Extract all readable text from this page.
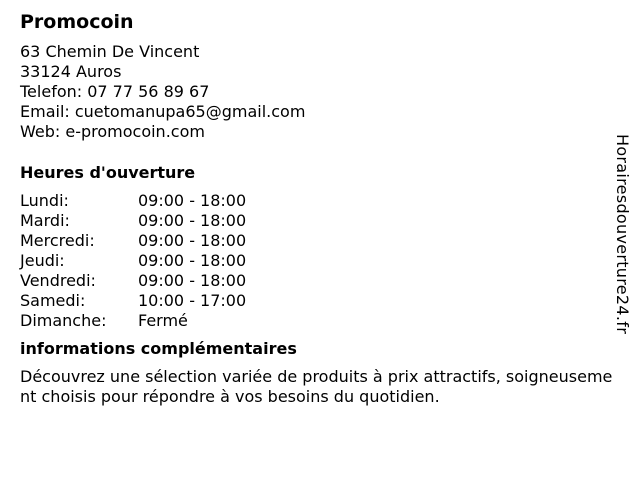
Promocoin
63 Chemin De Vincent
33124 Auros
Telefon: 07 77 56 89 67
Email: cuetomanupa65@gmail.com
Web: e-promocoin.com
Heures d'ouverture
Lundi:	09:00 - 18:00
Mardi:	09:00 - 18:00
Mercredi:	09:00 - 18:00
Jeudi:	09:00 - 18:00
Vendredi:	09:00 - 18:00
Samedi:	10:00 - 17:00
Dimanche:	Fermé
informations complémentaires
Découvrez une sélection variée de produits à prix attractifs, soigneusement choisis pour répondre à vos besoins du quotidien.
Horairesdouverture24.fr
